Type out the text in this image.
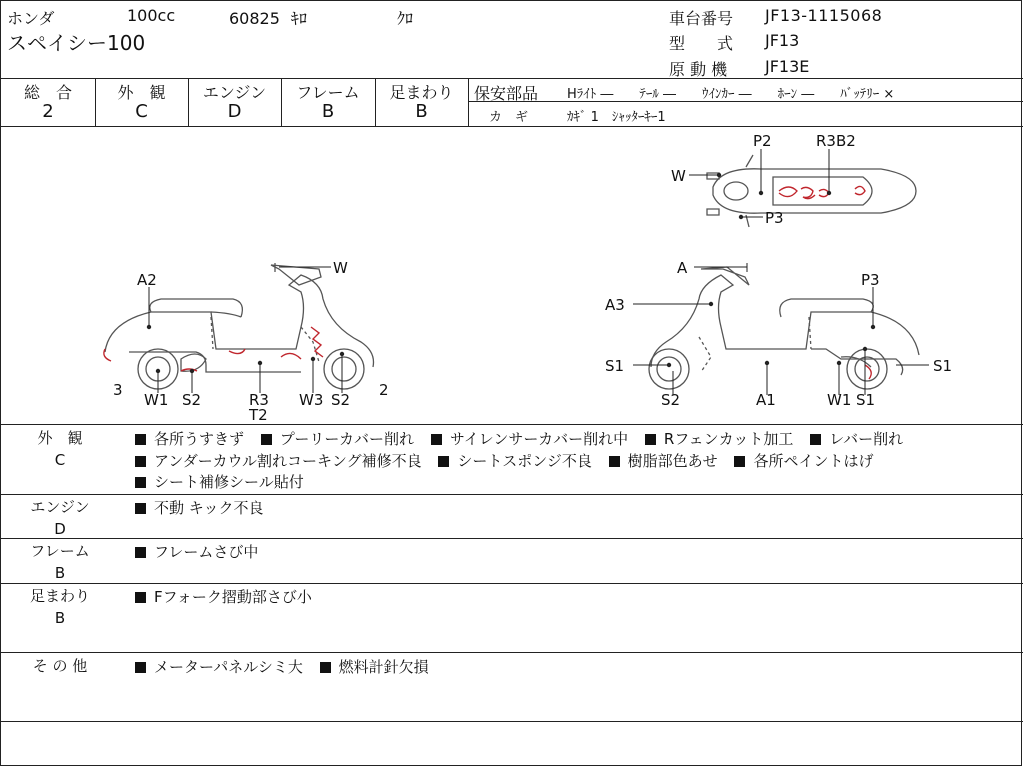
ホンダ	100cc	60825 ｷﾛ	ｸﾛ
スペイシー100
車台番号 JF13-1115068
型　　式 JF13
原 動 機 JF13E
総　合
2
外　観
C
エンジン
D
フレーム
B
足まわり
B
保安部品 Hﾗｲﾄ ―　　ﾃｰﾙ ―　　ｳｲﾝｶｰ ―　　ﾎｰﾝ ―　　ﾊﾞｯﾃﾘｰ ×
カ　ギ	ｶｷﾞ 1　ｼｬｯﾀｰｷｰ1
A2
W
3
W1 S2	R3
T2
W3 S2
2
A
P3
A3
S1	S1
S2	A1	W1 S1
P2	R3B2
W
P3
外　観
C
各所うすきず プーリーカバー削れ サイレンサーカバー削れ中 Rフェンカット加工 レバー削れ
アンダーカウル割れコーキング補修不良 シートスポンジ不良 樹脂部色あせ 各所ペイントはげ
シート補修シール貼付
エンジン
D
不動 キック不良
フレーム
B
フレームさび中
足まわり
B
Fフォーク摺動部さび小
そ の 他	メーターパネルシミ大 燃料計針欠損
